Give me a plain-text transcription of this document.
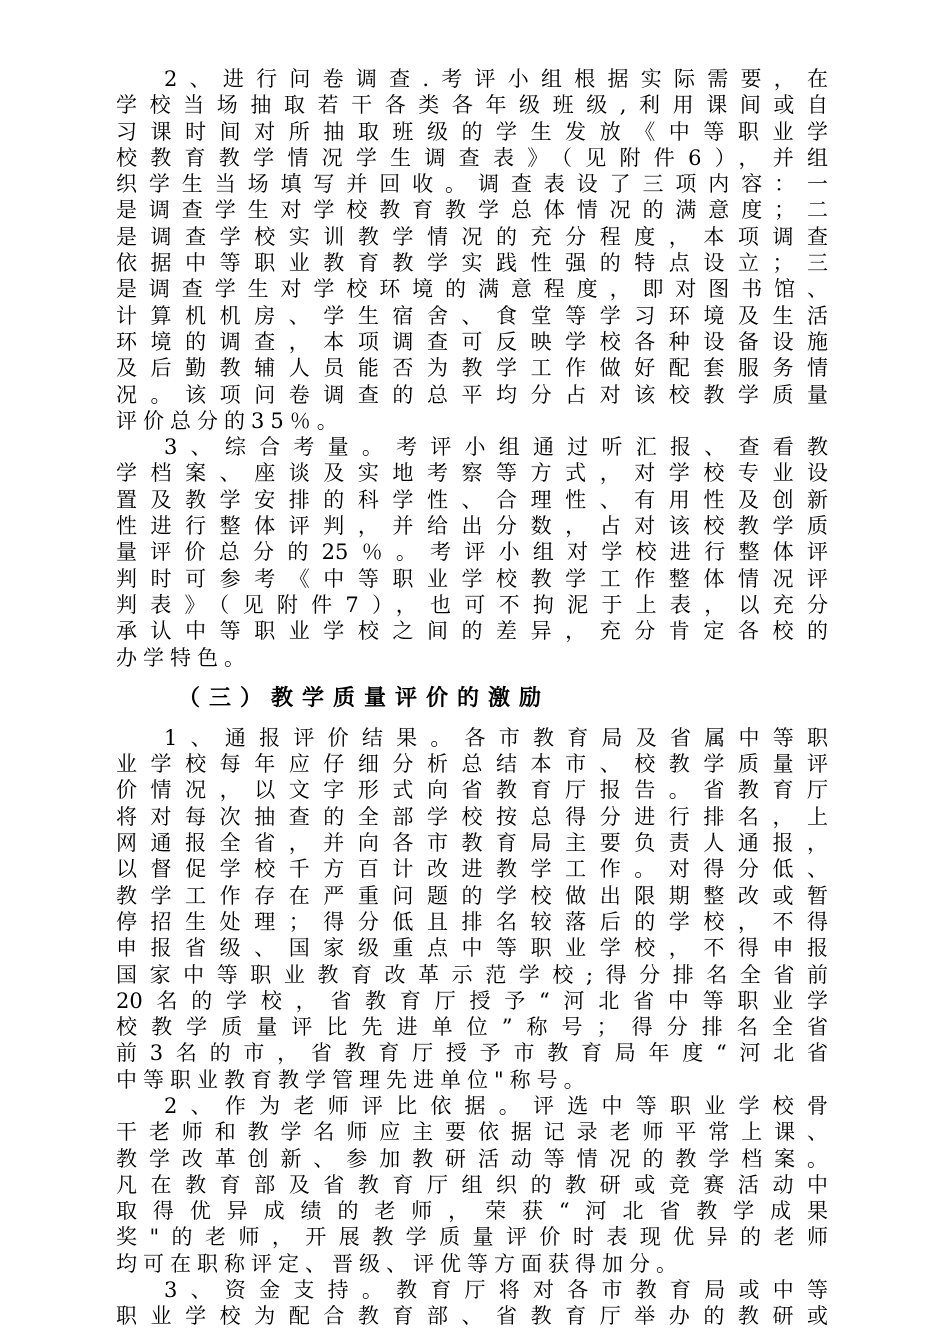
2、进行问卷调查.考评小组根据实际需要，在
学校当场抽取若干各类各年级班级,利用课间或自
习课时间对所抽取班级的学生发放《中等职业学
校教育教学情况学生调查表》（见附件6），并组
织学生当场填写并回收。调查表设了三项内容：一
是调查学生对学校教育教学总体情况的满意度；二
是调查学校实训教学情况的充分程度，本项调查
依据中等职业教育教学实践性强的特点设立；三
是调查学生对学校环境的满意程度，即对图书馆、
计算机机房、学生宿舍、食堂等学习环境及生活
环境的调查，本项调查可反映学校各种设备设施
及后勤教辅人员能否为教学工作做好配套服务情
况。该项问卷调查的总平均分占对该校教学质量
评价总分的35％。
3、综合考量。考评小组通过听汇报、查看教
学档案、座谈及实地考察等方式，对学校专业设
置及教学安排的科学性、合理性、有用性及创新
性进行整体评判，并给出分数，占对该校教学质
量评价总分的25％。考评小组对学校进行整体评
判时可参考《中等职业学校教学工作整体情况评
判表》（见附件7），也可不拘泥于上表，以充分
承认中等职业学校之间的差异，充分肯定各校的
办学特色。
（三）教学质量评价的激励
1、通报评价结果。各市教育局及省属中等职
业学校每年应仔细分析总结本市、校教学质量评
价情况，以文字形式向省教育厅报告。省教育厅
将对每次抽查的全部学校按总得分进行排名，上
网通报全省，并向各市教育局主要负责人通报，
以督促学校千方百计改进教学工作。对得分低、
教学工作存在严重问题的学校做出限期整改或暂
停招生处理；得分低且排名较落后的学校，不得
申报省级、国家级重点中等职业学校，不得申报
国家中等职业教育改革示范学校;得分排名全省前
20名的学校，省教育厅授予“河北省中等职业学
校教学质量评比先进单位”称号；得分排名全省
前3名的市，省教育厅授予市教育局年度“河北省
中等职业教育教学管理先进单位"称号。
2、作为老师评比依据。评选中等职业学校骨
干老师和教学名师应主要依据记录老师平常上课、
教学改革创新、参加教研活动等情况的教学档案。
凡在教育部及省教育厅组织的教研或竞赛活动中
取得优异成绩的老师，荣获“河北省教学成果
奖"的老师，开展教学质量评价时表现优异的老师
均可在职称评定、晋级、评优等方面获得加分。
3、资金支持。教育厅将对各市教育局或中等
职业学校为配合教育部、省教育厅举办的教研或
